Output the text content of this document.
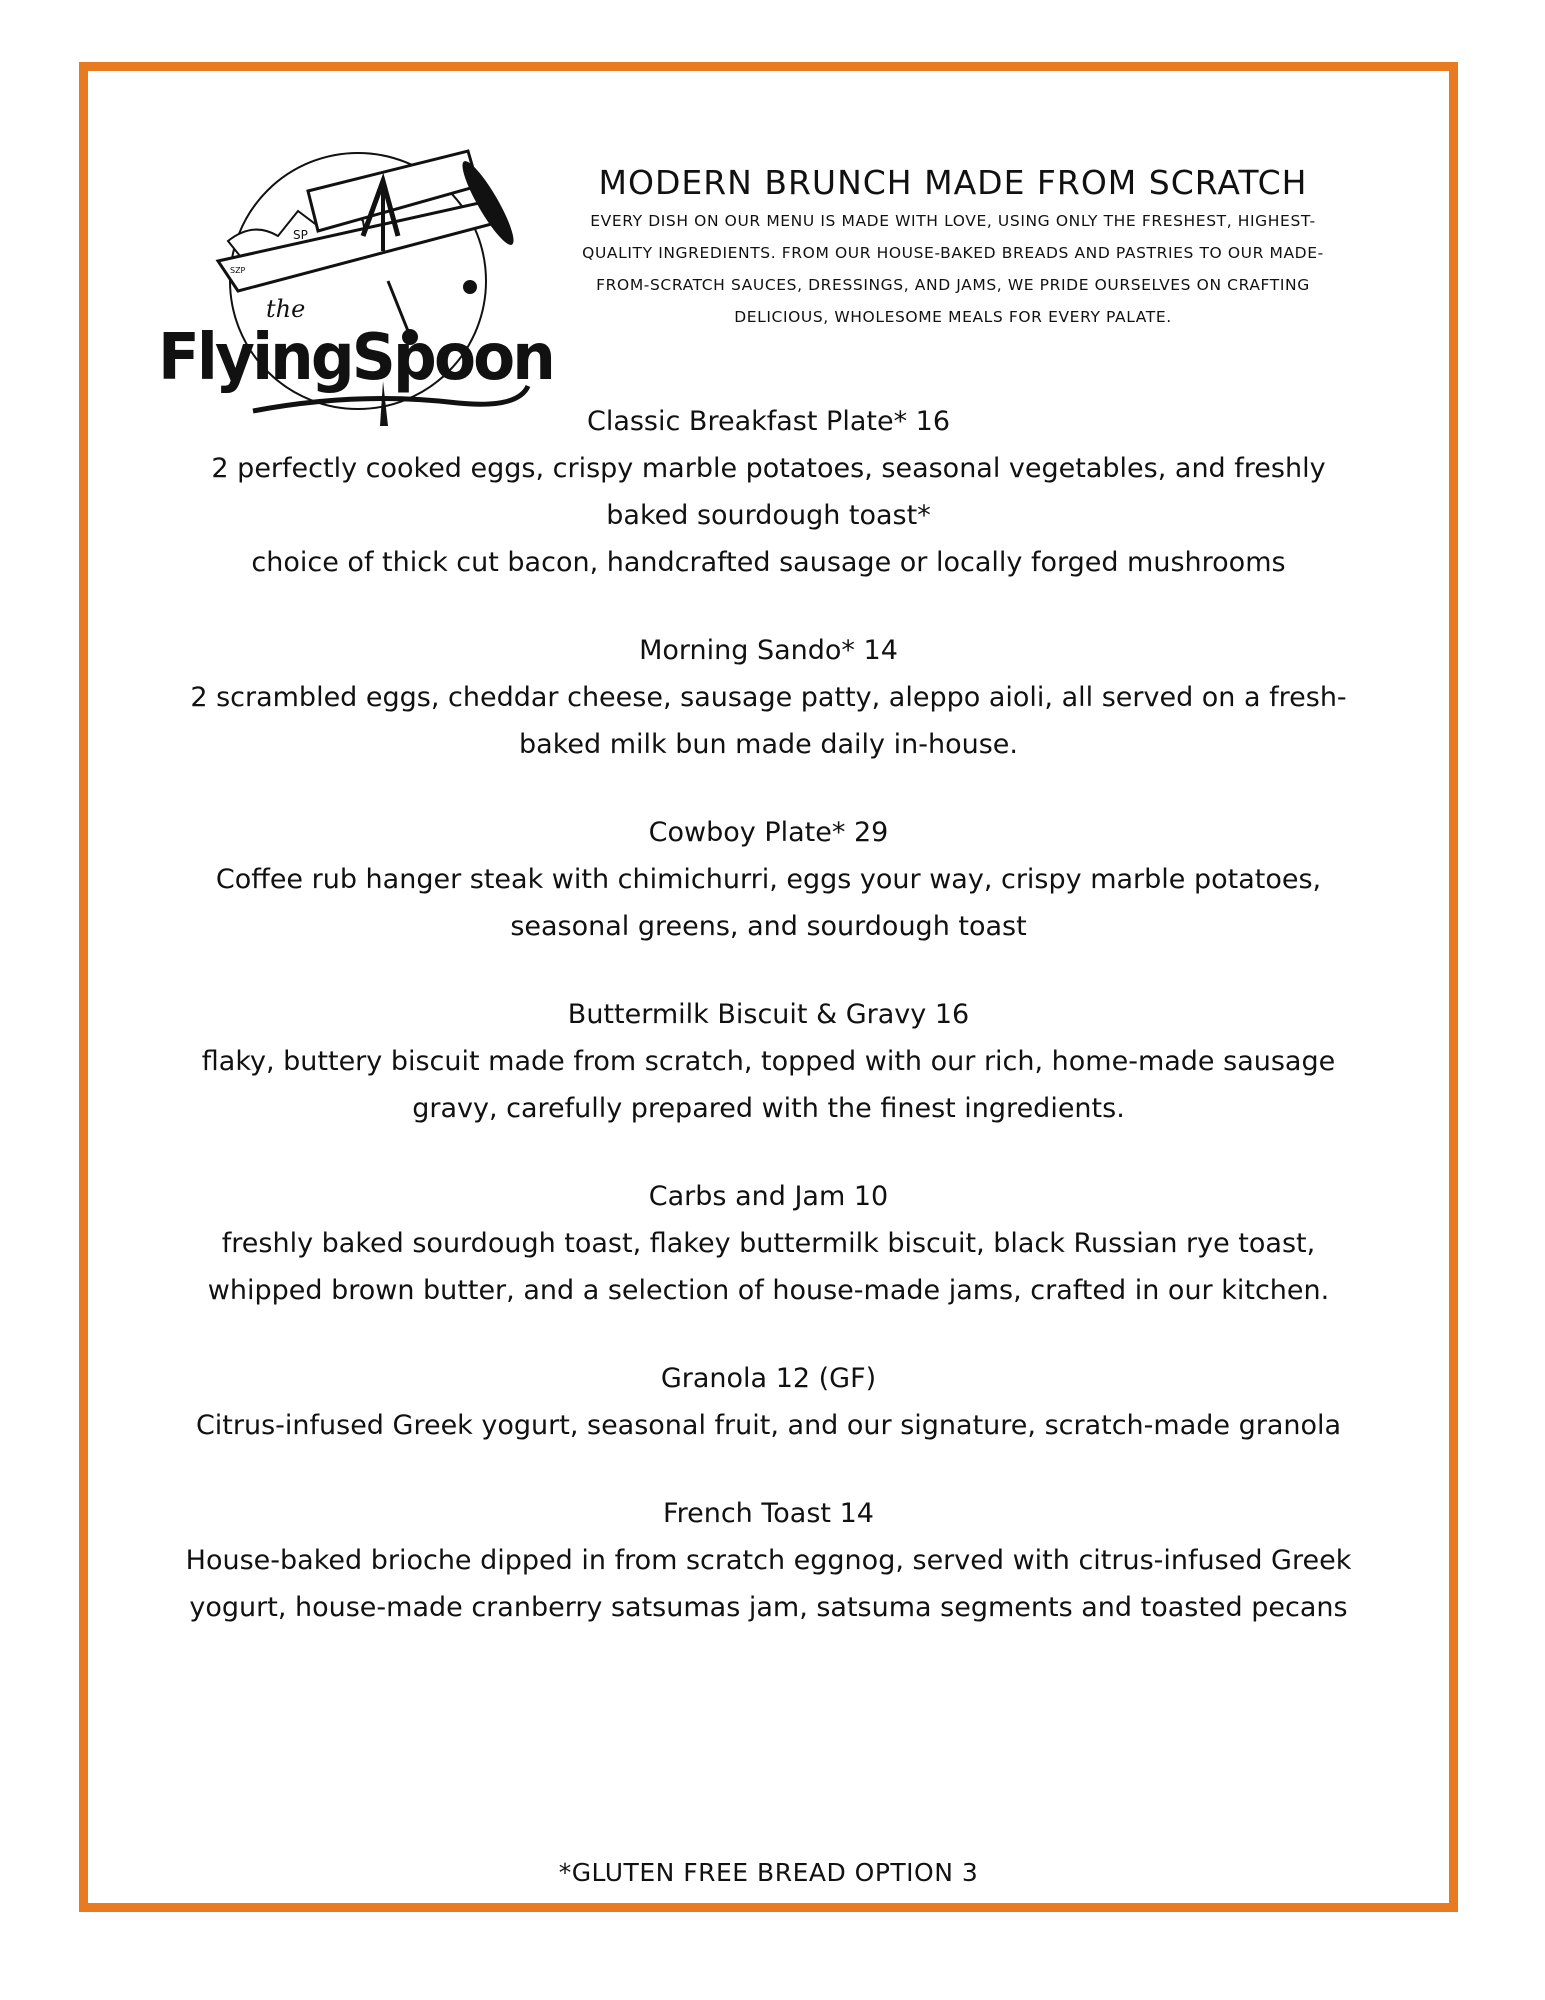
SP
SZP
the
FlyingSpoon
MODERN BRUNCH MADE FROM SCRATCH

EVERY DISH ON OUR MENU IS MADE WITH LOVE, USING ONLY THE FRESHEST, HIGHEST-QUALITY INGREDIENTS. FROM OUR HOUSE-BAKED BREADS AND PASTRIES TO OUR MADE-FROM-SCRATCH SAUCES, DRESSINGS, AND JAMS, WE PRIDE OURSELVES ON CRAFTING DELICIOUS, WHOLESOME MEALS FOR EVERY PALATE.

Classic Breakfast Plate* 16
2 perfectly cooked eggs, crispy marble potatoes, seasonal vegetables, and freshly baked sourdough toast*
choice of thick cut bacon, handcrafted sausage or locally forged mushrooms
Morning Sando* 14
2 scrambled eggs, cheddar cheese, sausage patty, aleppo aioli, all served on a fresh-baked milk bun made daily in-house.
Cowboy Plate* 29
Coffee rub hanger steak with chimichurri, eggs your way, crispy marble potatoes, seasonal greens, and sourdough toast
Buttermilk Biscuit & Gravy 16
flaky, buttery biscuit made from scratch, topped with our rich, home-made sausage gravy, carefully prepared with the finest ingredients.
Carbs and Jam 10
freshly baked sourdough toast, flakey buttermilk biscuit, black Russian rye toast, whipped brown butter, and a selection of house-made jams, crafted in our kitchen.
Granola 12 (GF)
Citrus-infused Greek yogurt, seasonal fruit, and our signature, scratch-made granola
French Toast 14
House-baked brioche dipped in from scratch eggnog, served with citrus-infused Greek yogurt, house-made cranberry satsumas jam, satsuma segments and toasted pecans
*GLUTEN FREE BREAD OPTION 3
